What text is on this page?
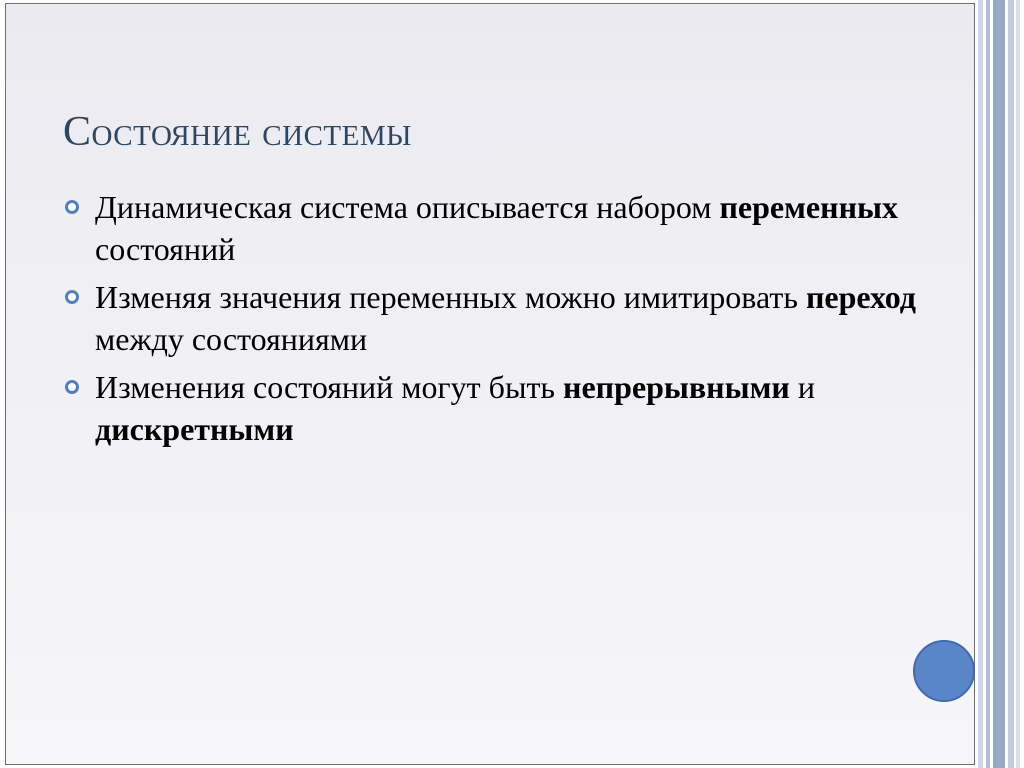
Состояние системы
Динамическая система описывается набором переменных состояний
Изменяя значения переменных можно имитировать переход между состояниями
Изменения состояний могут быть непрерывными и дискретными
